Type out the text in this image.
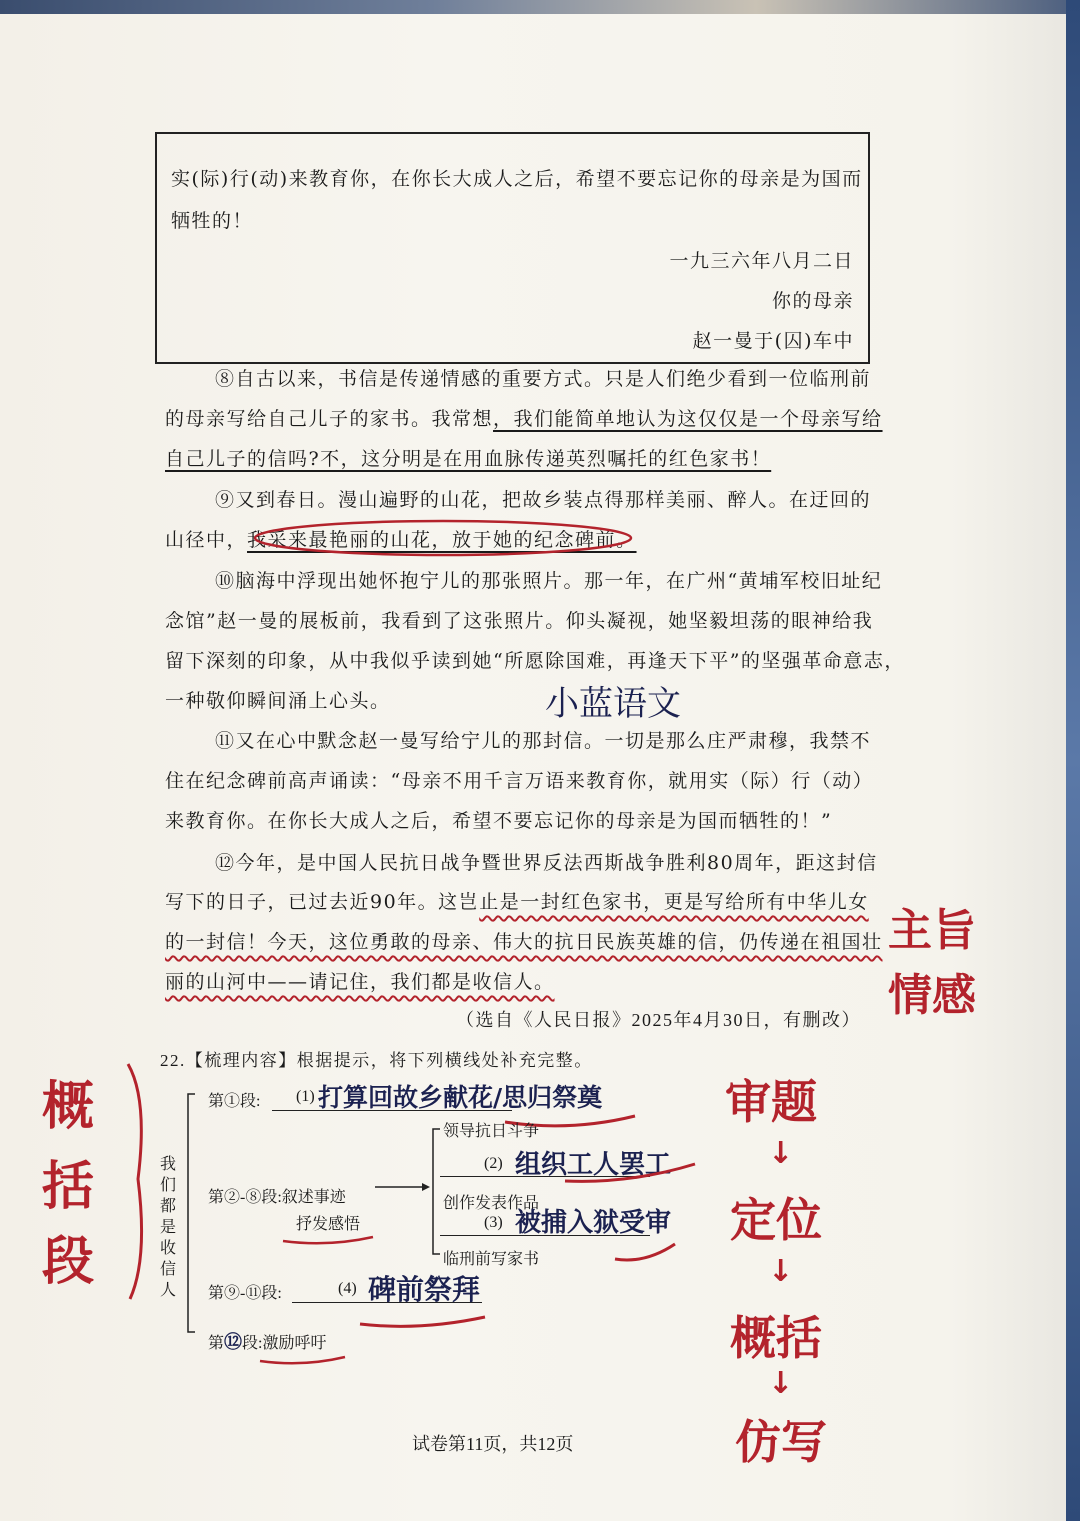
实(际)行(动)来教育你，在你长大成人之后，希望不要忘记你的母亲是为国而
牺牲的！
一九三六年八月二日
你的母亲
赵一曼于(囚)车中
⑧自古以来，书信是传递情感的重要方式。只是人们绝少看到一位临刑前
的母亲写给自己儿子的家书。我常想，我们能简单地认为这仅仅是一个母亲写给
自己儿子的信吗?不，这分明是在用血脉传递英烈嘱托的红色家书！
⑨又到春日。漫山遍野的山花，把故乡装点得那样美丽、醉人。在迂回的
山径中，我采来最艳丽的山花，放于她的纪念碑前。
⑩脑海中浮现出她怀抱宁儿的那张照片。那一年，在广州“黄埔军校旧址纪
念馆”赵一曼的展板前，我看到了这张照片。仰头凝视，她坚毅坦荡的眼神给我
留下深刻的印象，从中我似乎读到她“所愿除国难，再逢天下平”的坚强革命意志，
一种敬仰瞬间涌上心头。	小蓝语文
⑪又在心中默念赵一曼写给宁儿的那封信。一切是那么庄严肃穆，我禁不
住在纪念碑前高声诵读：“母亲不用千言万语来教育你，就用实（际）行（动）
来教育你。在你长大成人之后，希望不要忘记你的母亲是为国而牺牲的！”
⑫今年，是中国人民抗日战争暨世界反法西斯战争胜利80周年，距这封信
写下的日子，已过去近90年。这岂止是一封红色家书，更是写给所有中华儿女
的一封信！今天，这位勇敢的母亲、伟大的抗日民族英雄的信，仍传递在祖国壮
丽的山河中——请记住，我们都是收信人。
主旨
情感
（选自《人民日报》2025年4月30日，有删改）
22.【梳理内容】根据提示，将下列横线处补充完整。
概
括
段
我们都是收信人
第①段: (1) 打算回故乡献花/思归祭奠
领导抗日斗争
(2) 组织工人罢工
第②-⑧段:叙述事迹
抒发感悟
创作发表作品
(3) 被捕入狱受审
临刑前写家书
第⑨-⑪段:	(4) 碑前祭拜
第⑫段:激励呼吁
审题
↓
定位
↓
概括
↓
仿写
试卷第11页，共12页
